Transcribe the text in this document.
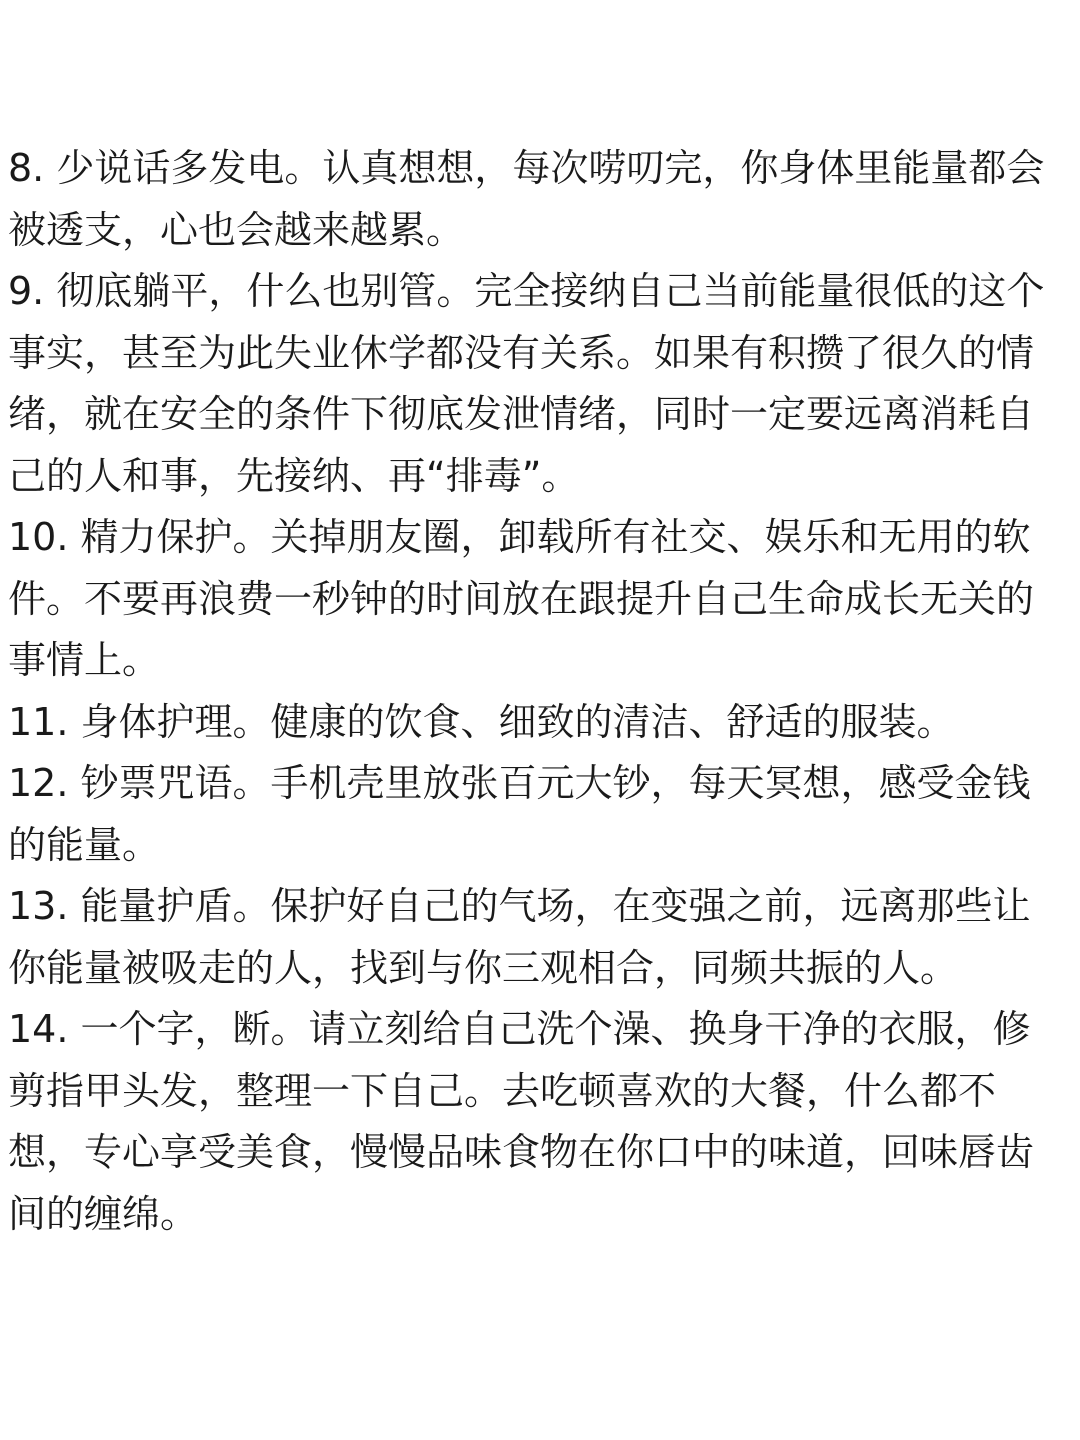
8. 少说话多发电。认真想想，每次唠叨完，你身体里能量都会被透支，心也会越来越累。

9. 彻底躺平，什么也别管。完全接纳自己当前能量很低的这个事实，甚至为此失业休学都没有关系。如果有积攒了很久的情绪，就在安全的条件下彻底发泄情绪，同时一定要远离消耗自己的人和事，先接纳、再“排毒”。

10. 精力保护。关掉朋友圈，卸载所有社交、娱乐和无用的软件。不要再浪费一秒钟的时间放在跟提升自己生命成长无关的事情上。

11. 身体护理。健康的饮食、细致的清洁、舒适的服装。

12. 钞票咒语。手机壳里放张百元大钞，每天冥想，感受金钱的能量。

13. 能量护盾。保护好自己的气场，在变强之前，远离那些让你能量被吸走的人，找到与你三观相合，同频共振的人。

14. 一个字，断。请立刻给自己洗个澡、换身干净的衣服，修剪指甲头发，整理一下自己。去吃顿喜欢的大餐，什么都不想，专心享受美食，慢慢品味食物在你口中的味道，回味唇齿间的缠绵。
